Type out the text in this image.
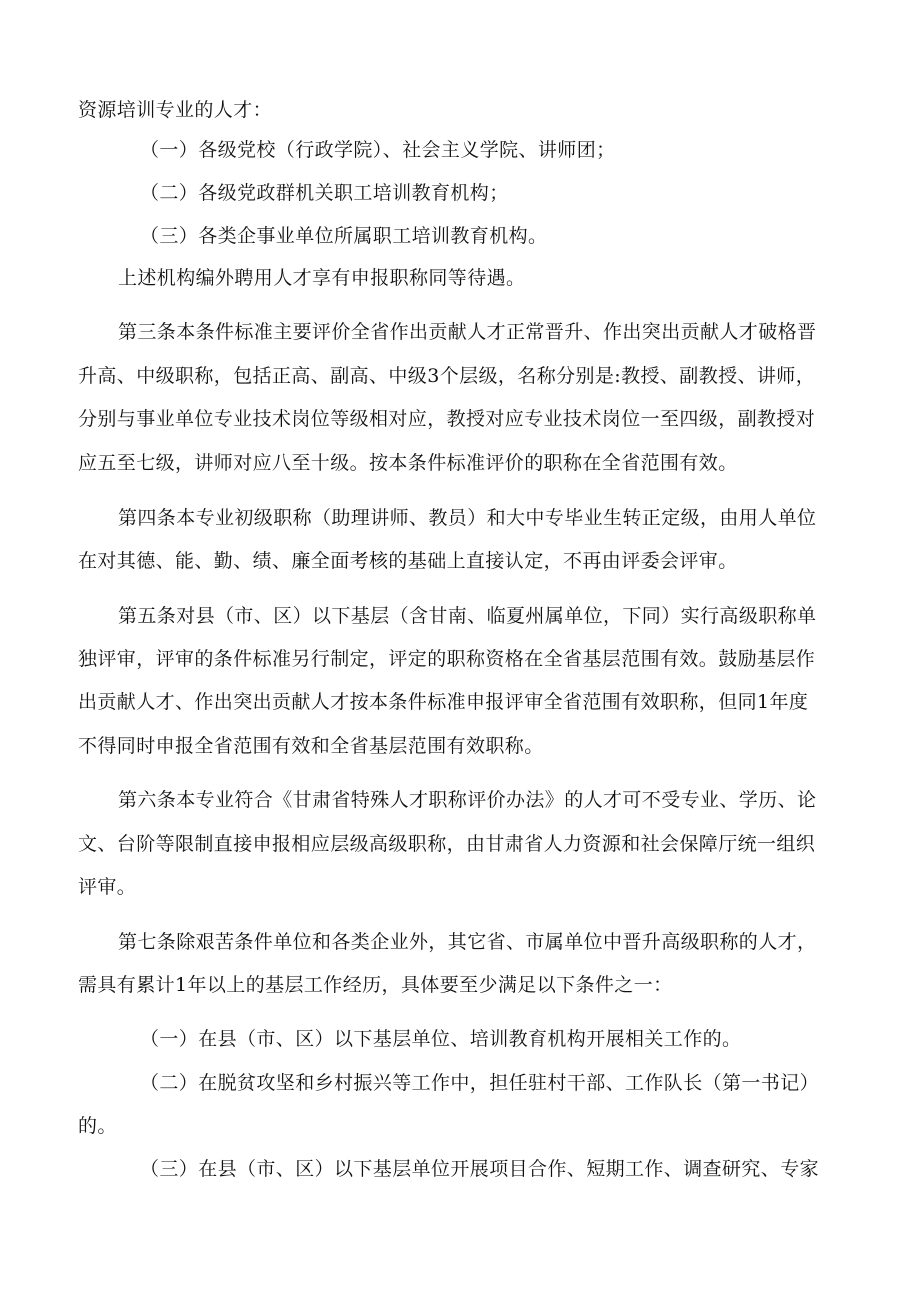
资源培训专业的人才：
（一）各级党校（行政学院）、社会主义学院、讲师团；
（二）各级党政群机关职工培训教育机构；
（三）各类企事业单位所属职工培训教育机构。
上述机构编外聘用人才享有申报职称同等待遇。
第三条本条件标准主要评价全省作出贡献人才正常晋升、作出突出贡献人才破格晋
升高、中级职称，包括正高、副高、中级3个层级，名称分别是:教授、副教授、讲师，
分别与事业单位专业技术岗位等级相对应，教授对应专业技术岗位一至四级，副教授对
应五至七级，讲师对应八至十级。按本条件标准评价的职称在全省范围有效。
第四条本专业初级职称（助理讲师、教员）和大中专毕业生转正定级，由用人单位
在对其德、能、勤、绩、廉全面考核的基础上直接认定，不再由评委会评审。
第五条对县（市、区）以下基层（含甘南、临夏州属单位，下同）实行高级职称单
独评审，评审的条件标准另行制定，评定的职称资格在全省基层范围有效。鼓励基层作
出贡献人才、作出突出贡献人才按本条件标准申报评审全省范围有效职称，但同1年度
不得同时申报全省范围有效和全省基层范围有效职称。
第六条本专业符合《甘肃省特殊人才职称评价办法》的人才可不受专业、学历、论
文、台阶等限制直接申报相应层级高级职称，由甘肃省人力资源和社会保障厅统一组织
评审。
第七条除艰苦条件单位和各类企业外，其它省、市属单位中晋升高级职称的人才，
需具有累计1年以上的基层工作经历，具体要至少满足以下条件之一：
（一）在县（市、区）以下基层单位、培训教育机构开展相关工作的。
（二）在脱贫攻坚和乡村振兴等工作中，担任驻村干部、工作队长（第一书记）
的。
（三）在县（市、区）以下基层单位开展项目合作、短期工作、调查研究、专家
